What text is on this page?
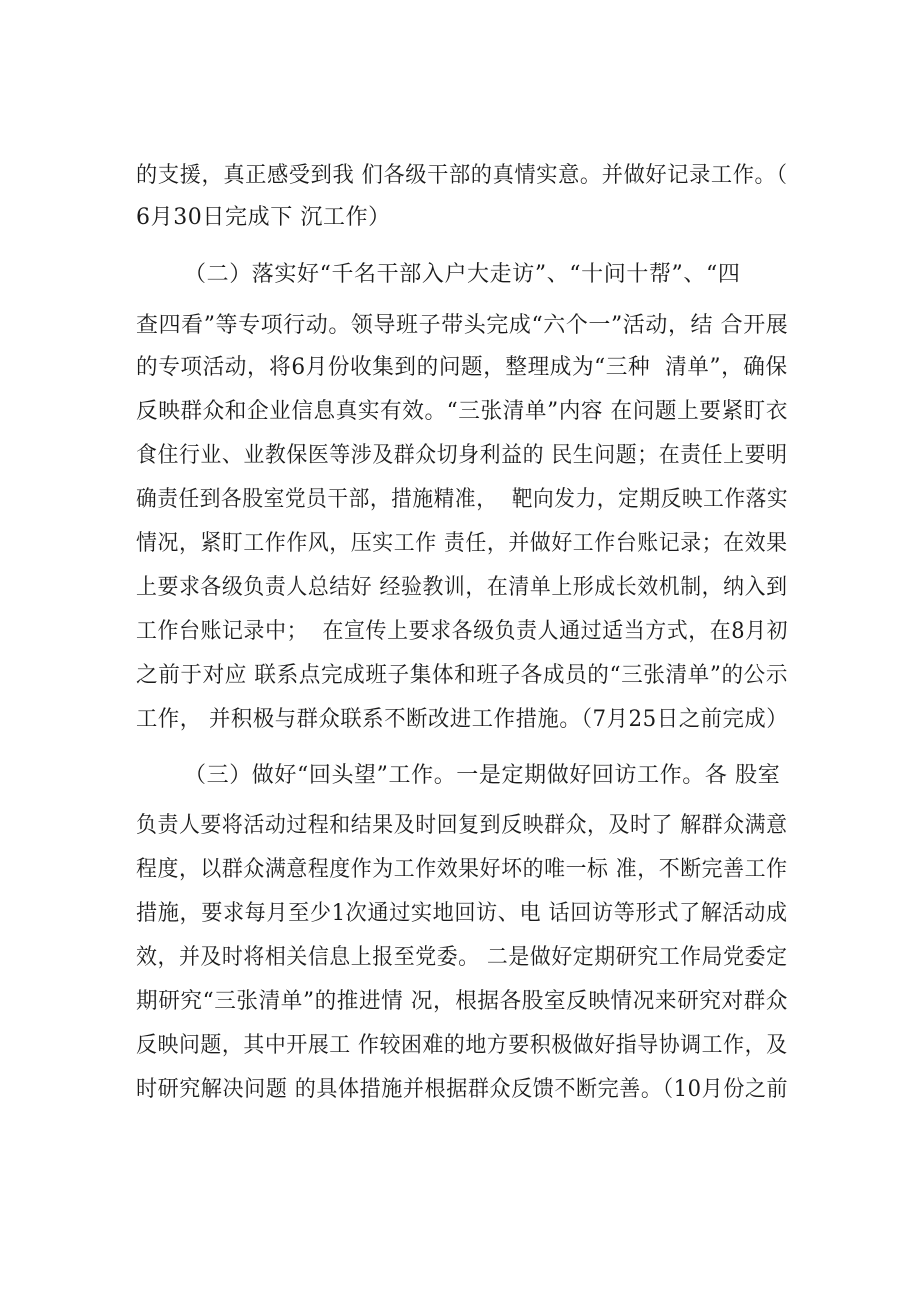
的支援，真正感受到我 们各级干部的真情实意。并做好记录工作。（
6月30日完成下 沉工作）
（二）落实好“千名干部入户大走访”、“十问十帮”、“四
查四看”等专项行动。领导班子带头完成“六个一”活动，结 合开展
的专项活动，将6月份收集到的问题，整理成为“三种  清单”，确保
反映群众和企业信息真实有效。“三张清单”内容 在问题上要紧盯衣
食住行业、业教保医等涉及群众切身利益的 民生问题；在责任上要明
确责任到各股室党员干部，措施精准，  靶向发力，定期反映工作落实
情况，紧盯工作作风，压实工作 责任，并做好工作台账记录；在效果
上要求各级负责人总结好 经验教训，在清单上形成长效机制，纳入到
工作台账记录中；  在宣传上要求各级负责人通过适当方式，在8月初
之前于对应 联系点完成班子集体和班子各成员的“三张清单”的公示
工作， 并积极与群众联系不断改进工作措施。（7月25日之前完成）
（三）做好“回头望”工作。一是定期做好回访工作。各 股室
负责人要将活动过程和结果及时回复到反映群众，及时了 解群众满意
程度，以群众满意程度作为工作效果好坏的唯一标 准，不断完善工作
措施，要求每月至少1次通过实地回访、电 话回访等形式了解活动成
效，并及时将相关信息上报至党委。 二是做好定期研究工作局党委定
期研究“三张清单”的推进情 况，根据各股室反映情况来研究对群众
反映问题，其中开展工 作较困难的地方要积极做好指导协调工作，及
时研究解决问题 的具体措施并根据群众反馈不断完善。（10月份之前
